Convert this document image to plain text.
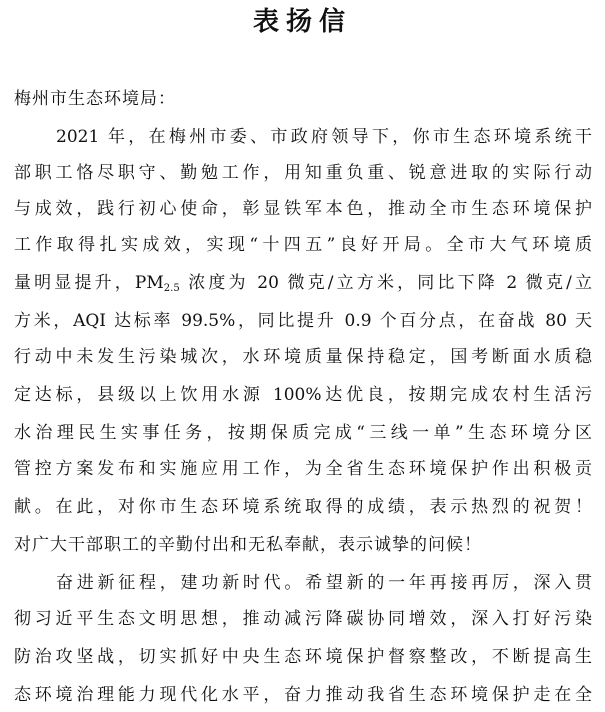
表扬信
梅州市生态环境局：
2021 年，在梅州市委、市政府领导下，你市生态环境系统干
部职工恪尽职守、勤勉工作，用知重负重、锐意进取的实际行动
与成效，践行初心使命，彰显铁军本色，推动全市生态环境保护
工作取得扎实成效，实现“十四五”良好开局。全市大气环境质
量明显提升，$PM_{2.5}$ 浓度为 20 微克/立方米，同比下降 2 微克/立
方米，AQI 达标率 99.5%，同比提升 0.9 个百分点，在奋战 80 天
行动中未发生污染城次，水环境质量保持稳定，国考断面水质稳
定达标，县级以上饮用水源 100%达优良，按期完成农村生活污
水治理民生实事任务，按期保质完成“三线一单”生态环境分区
管控方案发布和实施应用工作，为全省生态环境保护作出积极贡
献。在此，对你市生态环境系统取得的成绩，表示热烈的祝贺！
对广大干部职工的辛勤付出和无私奉献，表示诚挚的问候！
奋进新征程，建功新时代。希望新的一年再接再厉，深入贯
彻习近平生态文明思想，推动减污降碳协同增效，深入打好污染
防治攻坚战，切实抓好中央生态环境保护督察整改，不断提高生
态环境治理能力现代化水平，奋力推动我省生态环境保护走在全
